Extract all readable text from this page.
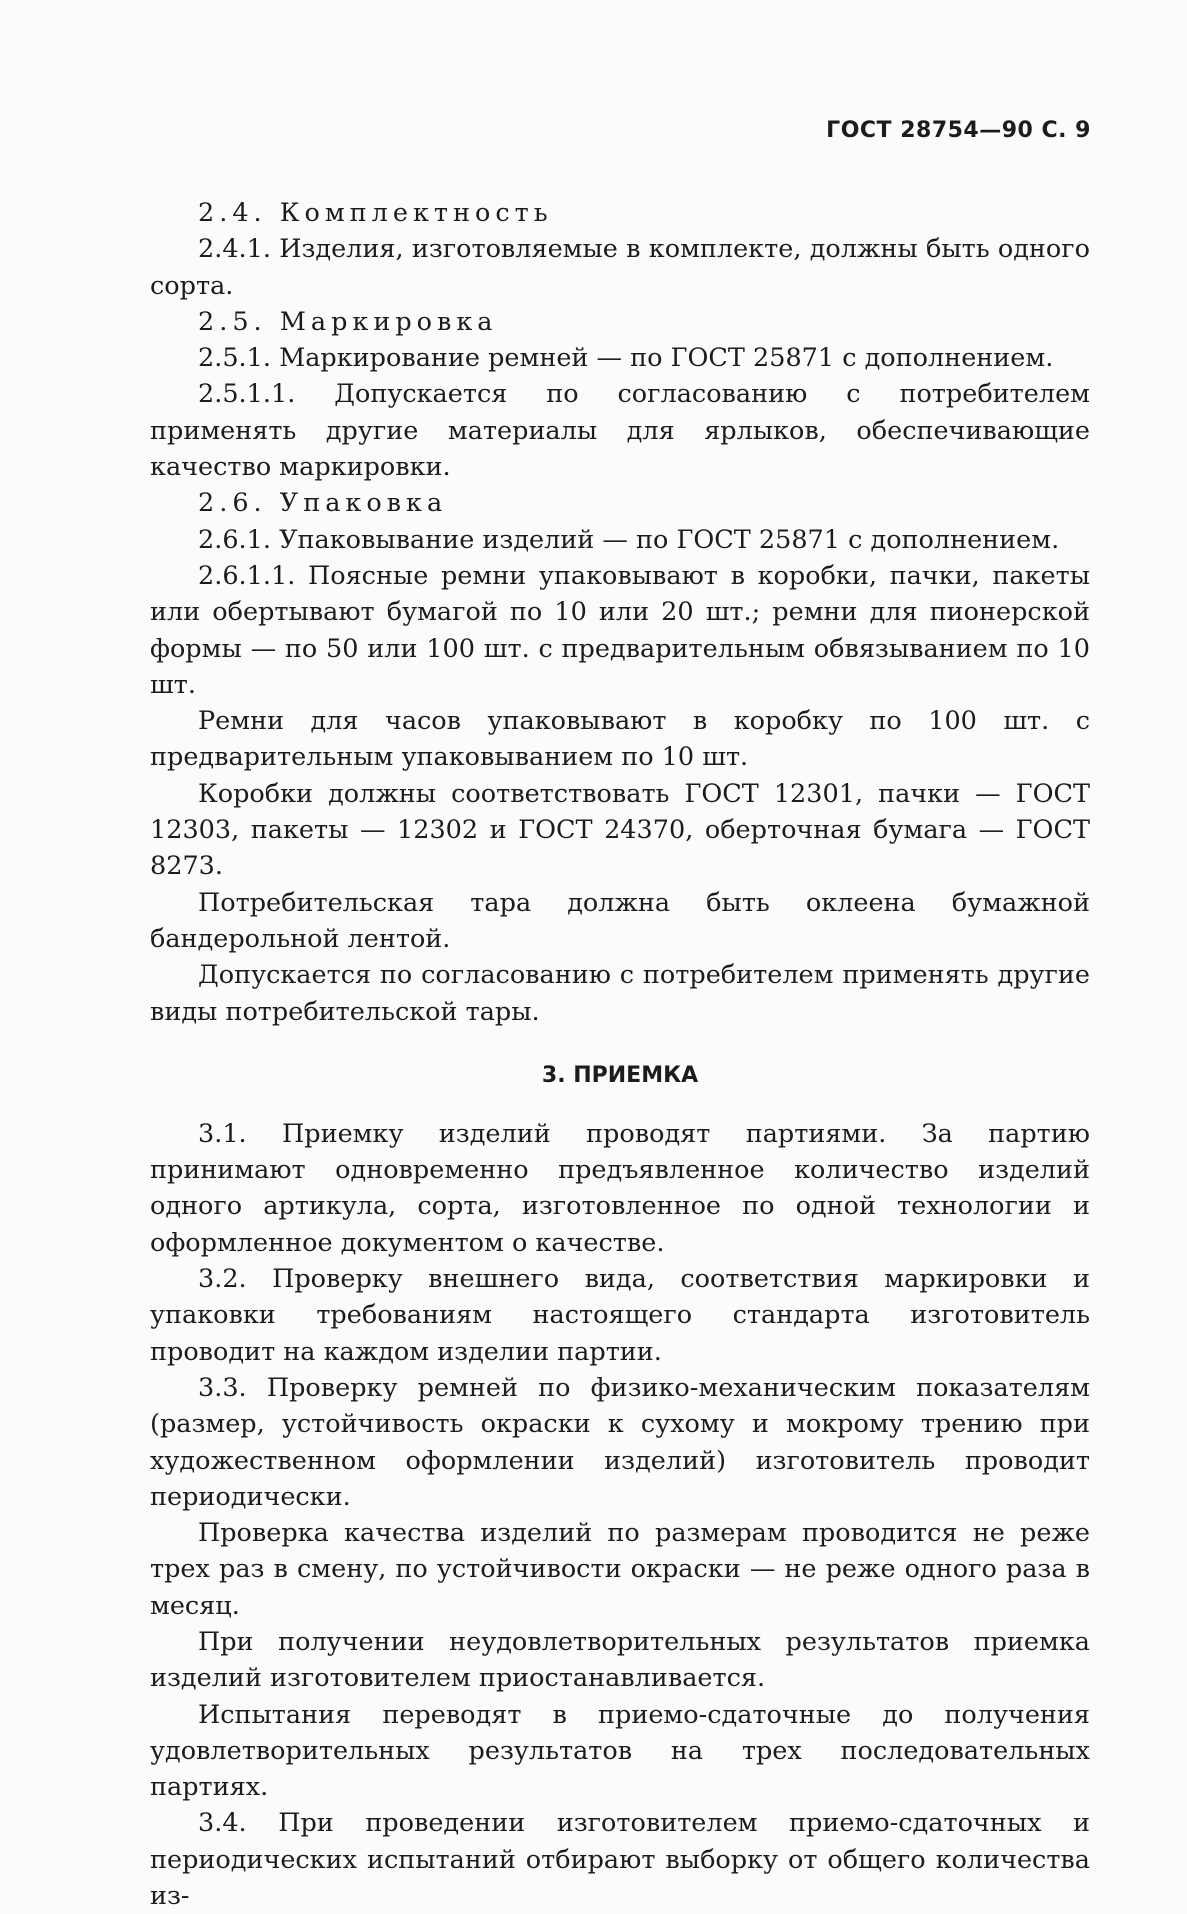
ГОСТ 28754—90 С. 9

2.4. Комплектность

2.4.1. Изделия, изготовляемые в комплекте, должны быть одного сорта.

2.5. Маркировка

2.5.1. Маркирование ремней — по ГОСТ 25871 с дополнением.

2.5.1.1. Допускается по согласованию с потребителем применять другие материалы для ярлыков, обеспечивающие качество маркировки.

2.6. Упаковка

2.6.1. Упаковывание изделий — по ГОСТ 25871 с дополнением.

2.6.1.1. Поясные ремни упаковывают в коробки, пачки, пакеты или обертывают бумагой по 10 или 20 шт.; ремни для пионерской формы — по 50 или 100 шт. с предварительным обвязыванием по 10 шт.

Ремни для часов упаковывают в коробку по 100 шт. с предварительным упаковыванием по 10 шт.

Коробки должны соответствовать ГОСТ 12301, пачки — ГОСТ 12303, пакеты — 12302 и ГОСТ 24370, оберточная бумага — ГОСТ 8273.

Потребительская тара должна быть оклеена бумажной бандерольной лентой.

Допускается по согласованию с потребителем применять другие виды потребительской тары.

3. ПРИЕМКА

3.1. Приемку изделий проводят партиями. За партию принимают одновременно предъявленное количество изделий одного артикула, сорта, изготовленное по одной технологии и оформленное документом о качестве.

3.2. Проверку внешнего вида, соответствия маркировки и упаковки требованиям настоящего стандарта изготовитель проводит на каждом изделии партии.

3.3. Проверку ремней по физико-механическим показателям (размер, устойчивость окраски к сухому и мокрому трению при художественном оформлении изделий) изготовитель проводит периодически.

Проверка качества изделий по размерам проводится не реже трех раз в смену, по устойчивости окраски — не реже одного раза в месяц.

При получении неудовлетворительных результатов приемка изделий изготовителем приостанавливается.

Испытания переводят в приемо-сдаточные до получения удовлетворительных результатов на трех последовательных партиях.

3.4. При проведении изготовителем приемо-сдаточных и периодических испытаний отбирают выборку от общего количества из-
